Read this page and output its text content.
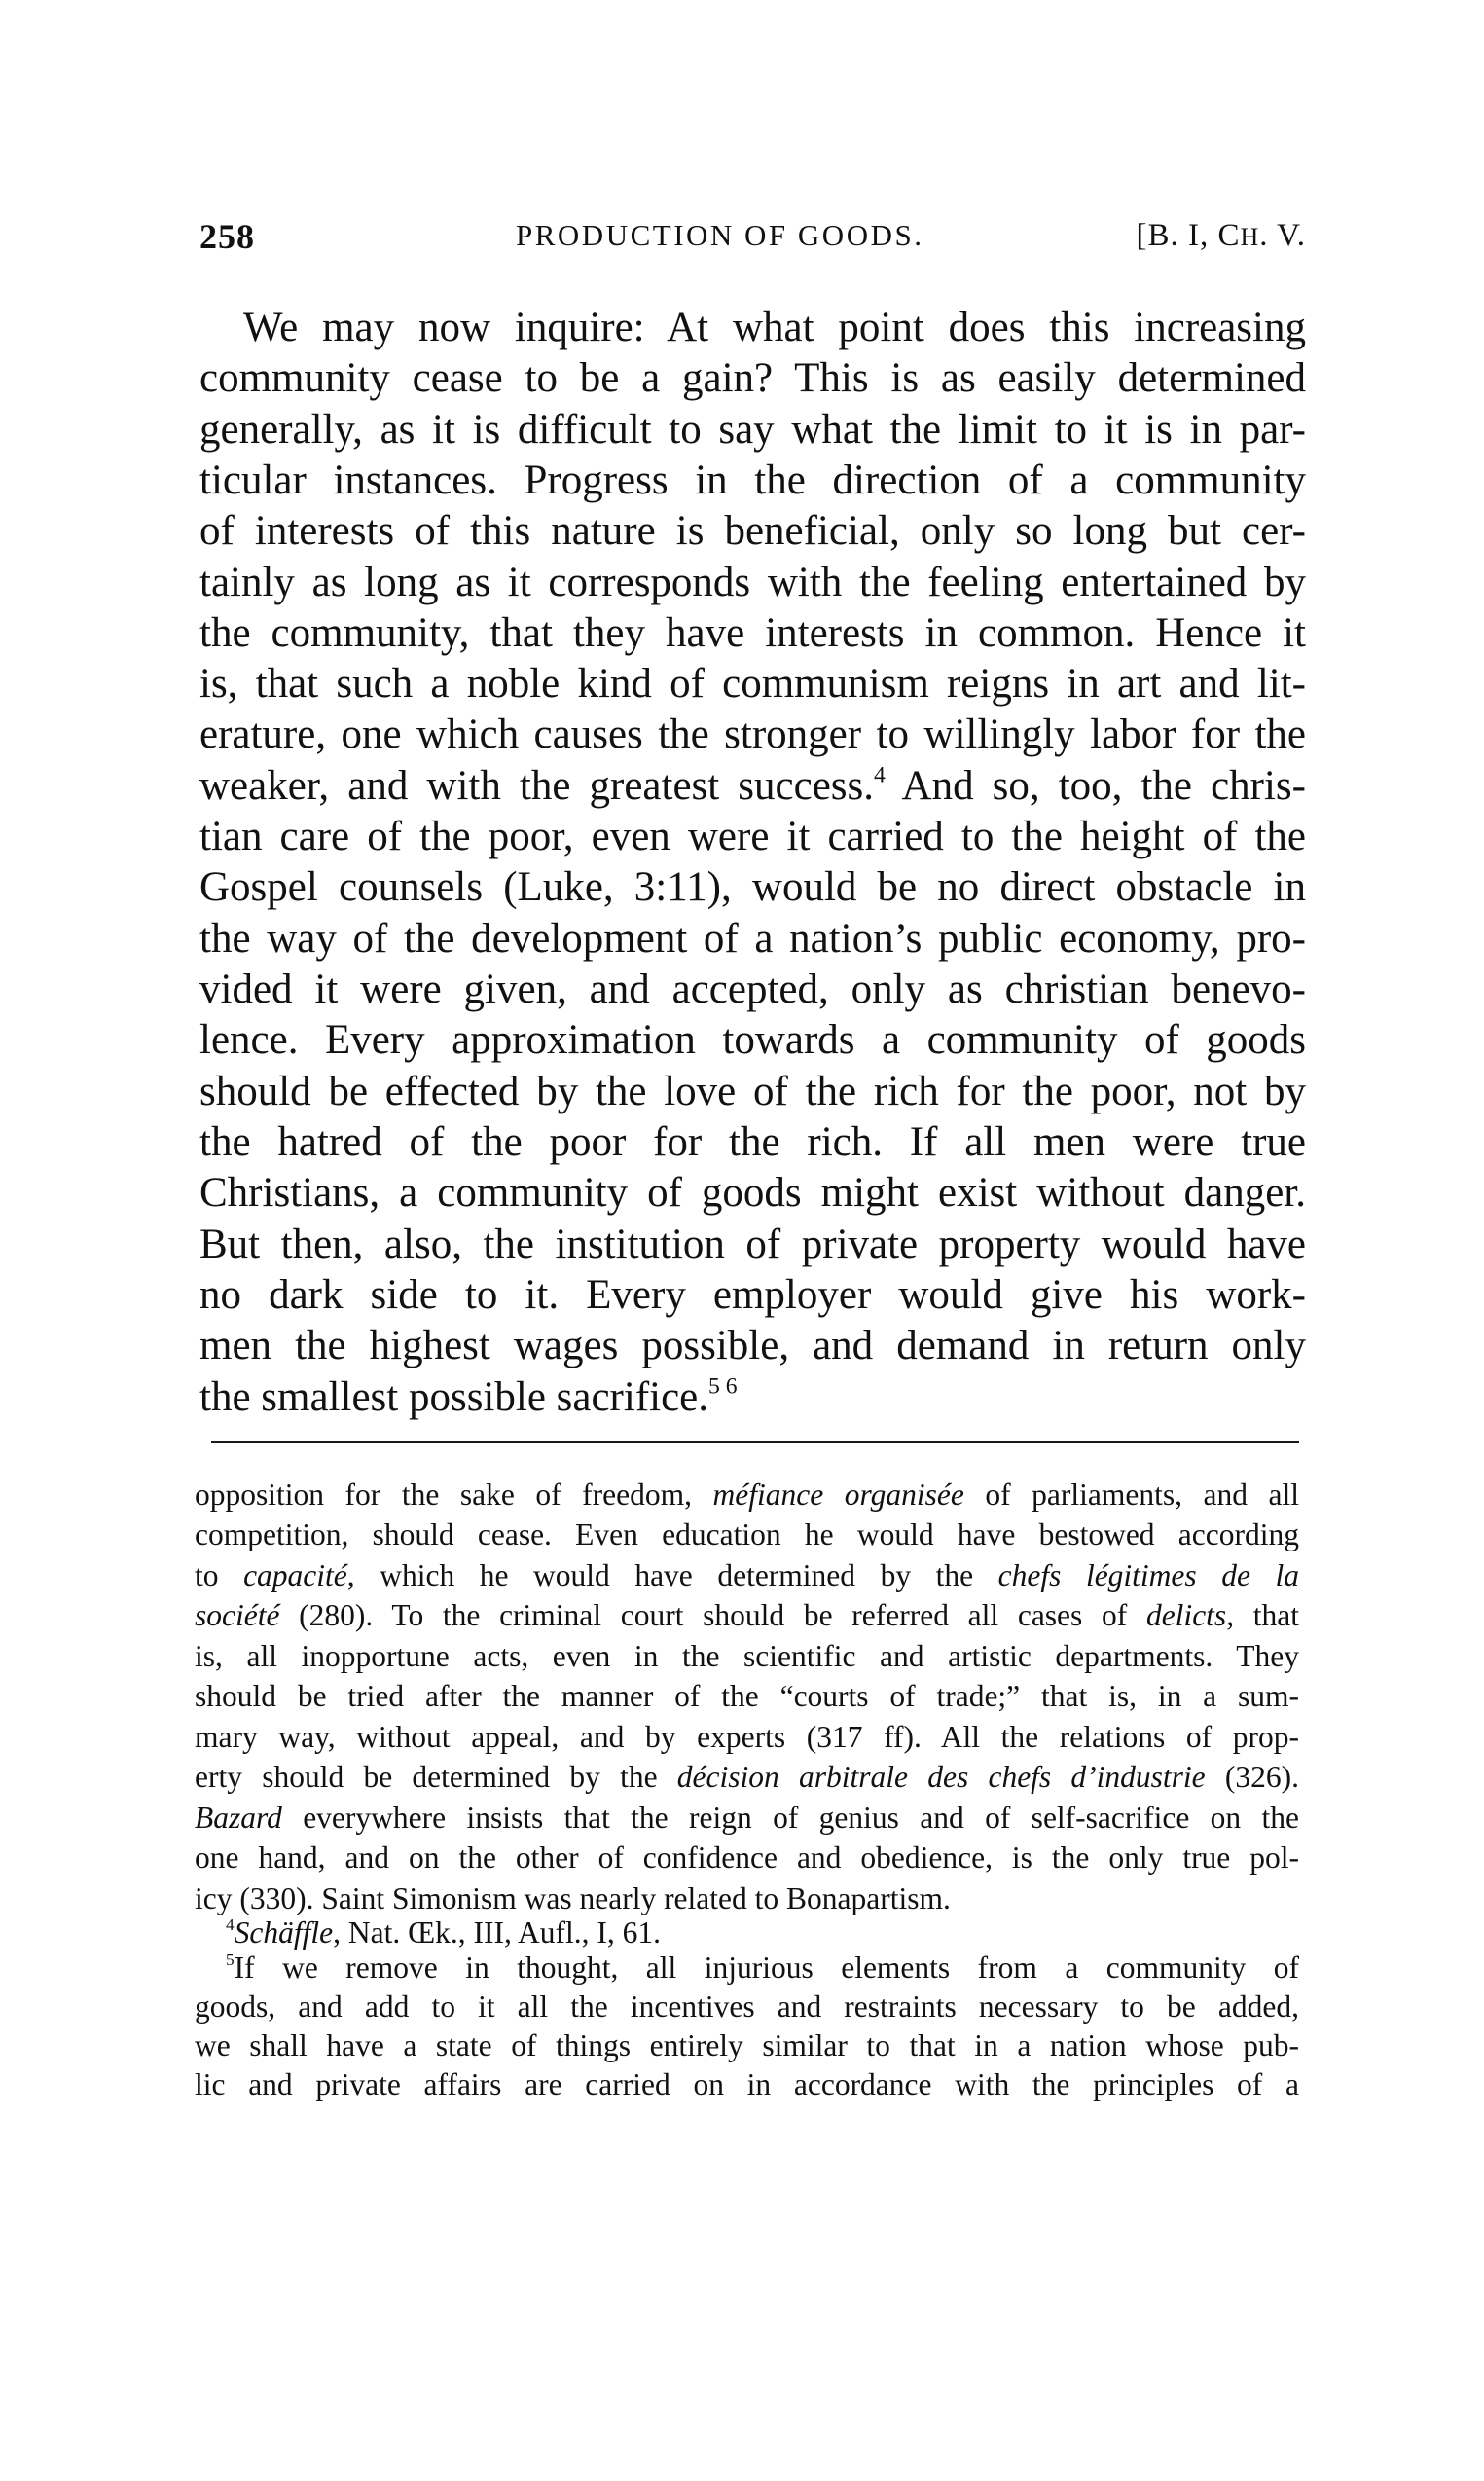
258	PRODUCTION OF GOODS.	[B. I, CH. V.
We may now inquire: At what point does this increasing
community cease to be a gain? This is as easily determined
generally, as it is difficult to say what the limit to it is in par-
ticular instances. Progress in the direction of a community
of interests of this nature is beneficial, only so long but cer-
tainly as long as it corresponds with the feeling entertained by
the community, that they have interests in common. Hence it
is, that such a noble kind of communism reigns in art and lit-
erature, one which causes the stronger to willingly labor for the
weaker, and with the greatest success.$^4$ And so, too, the chris-
tian care of the poor, even were it carried to the height of the
Gospel counsels (Luke, 3:11), would be no direct obstacle in
the way of the development of a nation’s public economy, pro-
vided it were given, and accepted, only as christian benevo-
lence. Every approximation towards a community of goods
should be effected by the love of the rich for the poor, not by
the hatred of the poor for the rich. If all men were true
Christians, a community of goods might exist without danger.
But then, also, the institution of private property would have
no dark side to it. Every employer would give his work-
men the highest wages possible, and demand in return only
the smallest possible sacrifice.$^{5 6}$
opposition for the sake of freedom, méfiance organisée of parliaments, and all
competition, should cease. Even education he would have bestowed according
to capacité, which he would have determined by the chefs légitimes de la
société (280). To the criminal court should be referred all cases of delicts, that
is, all inopportune acts, even in the scientific and artistic departments. They
should be tried after the manner of the “courts of trade;” that is, in a sum-
mary way, without appeal, and by experts (317 ff). All the relations of prop-
erty should be determined by the décision arbitrale des chefs d’industrie (326).
Bazard everywhere insists that the reign of genius and of self-sacrifice on the
one hand, and on the other of confidence and obedience, is the only true pol-
icy (330). Saint Simonism was nearly related to Bonapartism.
$^4$Schäffle, Nat. Œk., III, Aufl., I, 61.
$^5$If we remove in thought, all injurious elements from a community of
goods, and add to it all the incentives and restraints necessary to be added,
we shall have a state of things entirely similar to that in a nation whose pub-
lic and private affairs are carried on in accordance with the principles of a
